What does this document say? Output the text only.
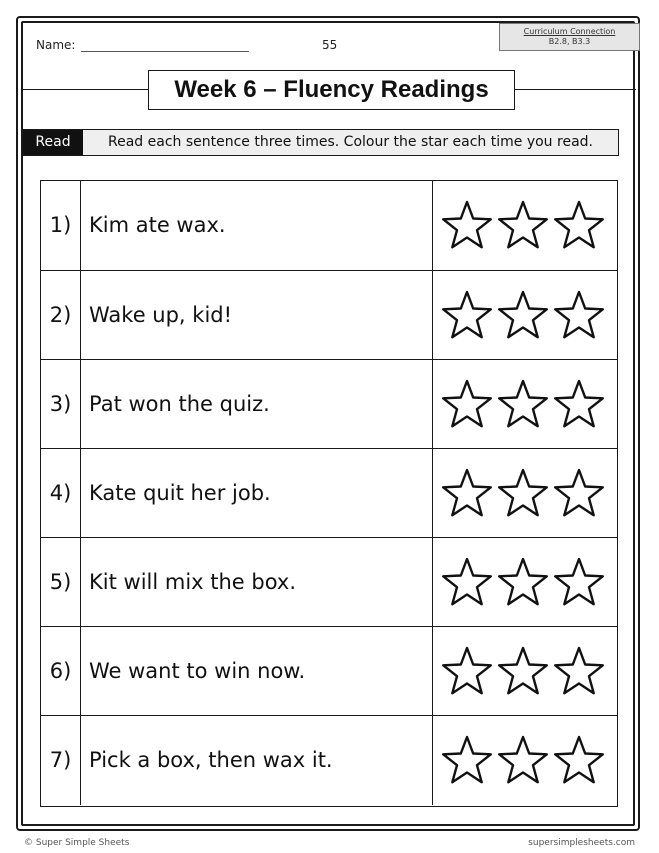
Name:	55
Curriculum Connection
B2.8, B3.3
Week 6 – Fluency Readings
Read	Read each sentence three times. Colour the star each time you read.
1) Kim ate wax.
2) Wake up, kid!
3) Pat won the quiz.
4) Kate quit her job.
5) Kit will mix the box.
6) We want to win now.
7) Pick a box, then wax it.
© Super Simple Sheets	supersimplesheets.com
